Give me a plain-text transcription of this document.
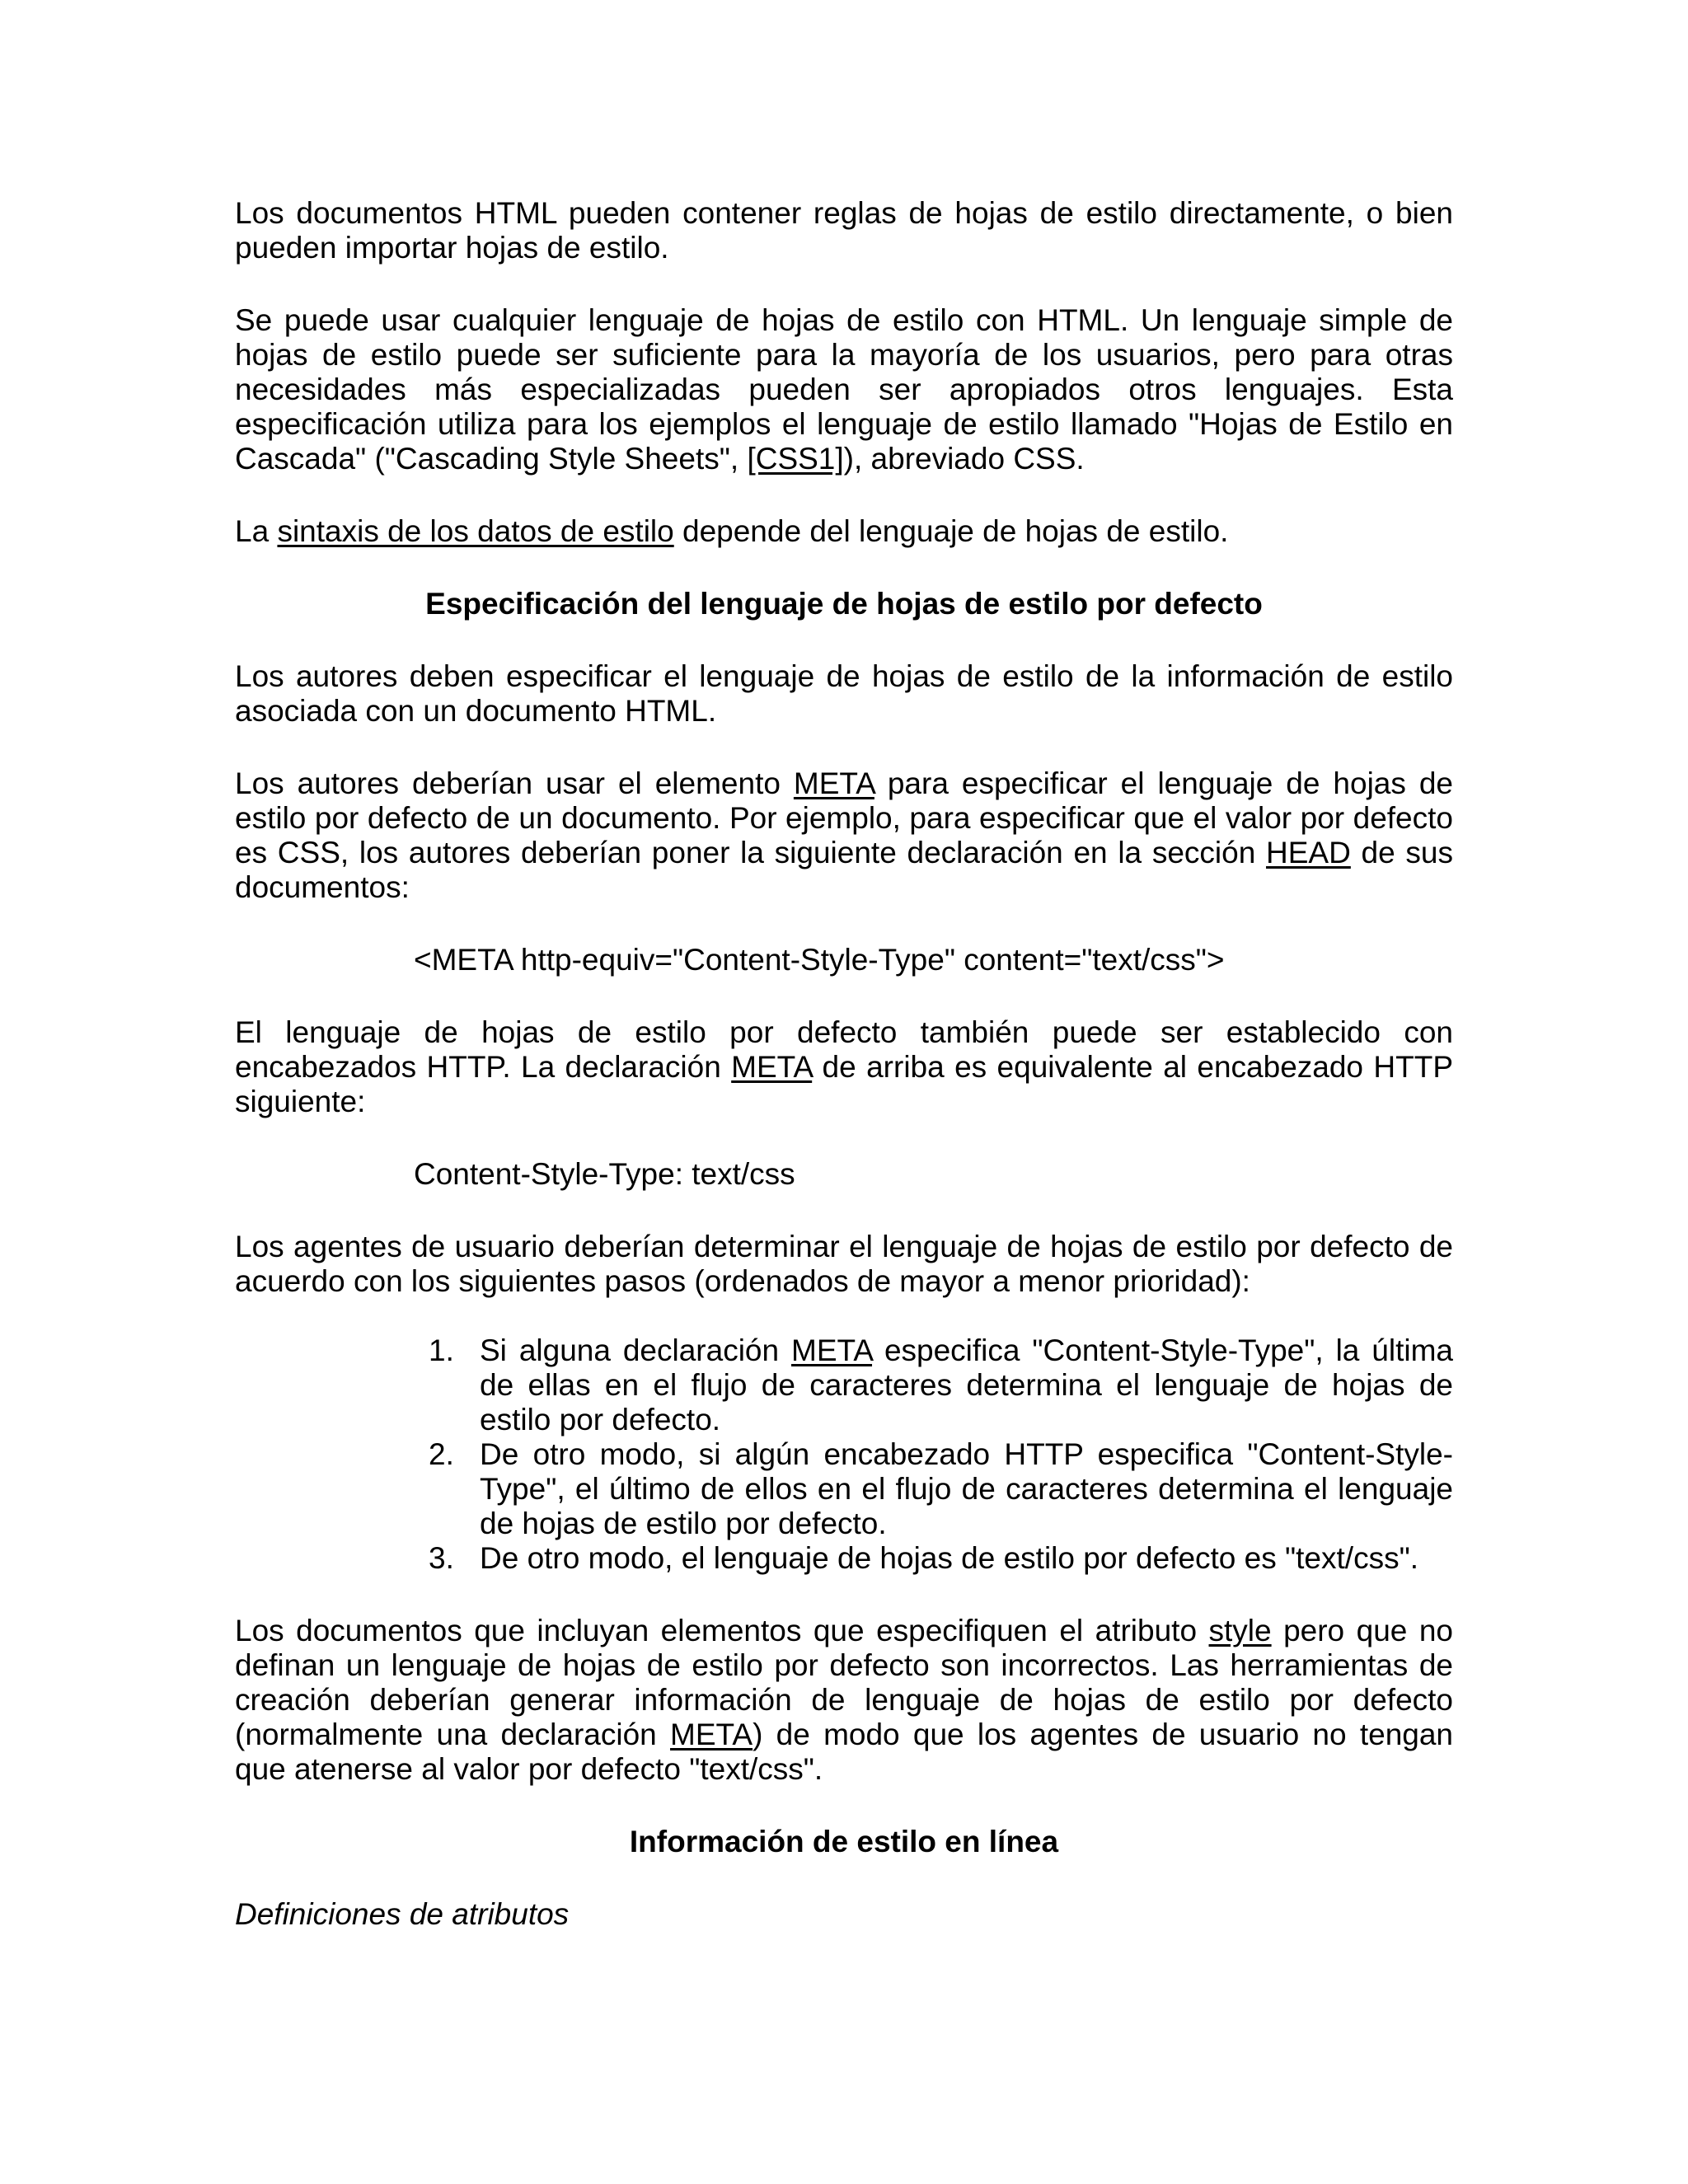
Los documentos HTML pueden contener reglas de hojas de estilo directamente, o bien pueden importar hojas de estilo.

Se puede usar cualquier lenguaje de hojas de estilo con HTML. Un lenguaje simple de hojas de estilo puede ser suficiente para la mayoría de los usuarios, pero para otras necesidades más especializadas pueden ser apropiados otros lenguajes. Esta especificación utiliza para los ejemplos el lenguaje de estilo llamado "Hojas de Estilo en Cascada" ("Cascading Style Sheets", [CSS1]), abreviado CSS.

La sintaxis de los datos de estilo depende del lenguaje de hojas de estilo.

Especificación del lenguaje de hojas de estilo por defecto

Los autores deben especificar el lenguaje de hojas de estilo de la información de estilo asociada con un documento HTML.

Los autores deberían usar el elemento META para especificar el lenguaje de hojas de estilo por defecto de un documento. Por ejemplo, para especificar que el valor por defecto es CSS, los autores deberían poner la siguiente declaración en la sección HEAD de sus documentos:

<META http-equiv="Content-Style-Type" content="text/css">

El lenguaje de hojas de estilo por defecto también puede ser establecido con encabezados HTTP. La declaración META de arriba es equivalente al encabezado HTTP siguiente:

Content-Style-Type: text/css

Los agentes de usuario deberían determinar el lenguaje de hojas de estilo por defecto de acuerdo con los siguientes pasos (ordenados de mayor a menor prioridad):

1. Si alguna declaración META especifica "Content-Style-Type", la última de ellas en el flujo de caracteres determina el lenguaje de hojas de estilo por defecto.
2. De otro modo, si algún encabezado HTTP especifica "Content-Style-Type", el último de ellos en el flujo de caracteres determina el lenguaje de hojas de estilo por defecto.
3. De otro modo, el lenguaje de hojas de estilo por defecto es "text/css".

Los documentos que incluyan elementos que especifiquen el atributo style pero que no definan un lenguaje de hojas de estilo por defecto son incorrectos. Las herramientas de creación deberían generar información de lenguaje de hojas de estilo por defecto (normalmente una declaración META) de modo que los agentes de usuario no tengan que atenerse al valor por defecto "text/css".

Información de estilo en línea

Definiciones de atributos
